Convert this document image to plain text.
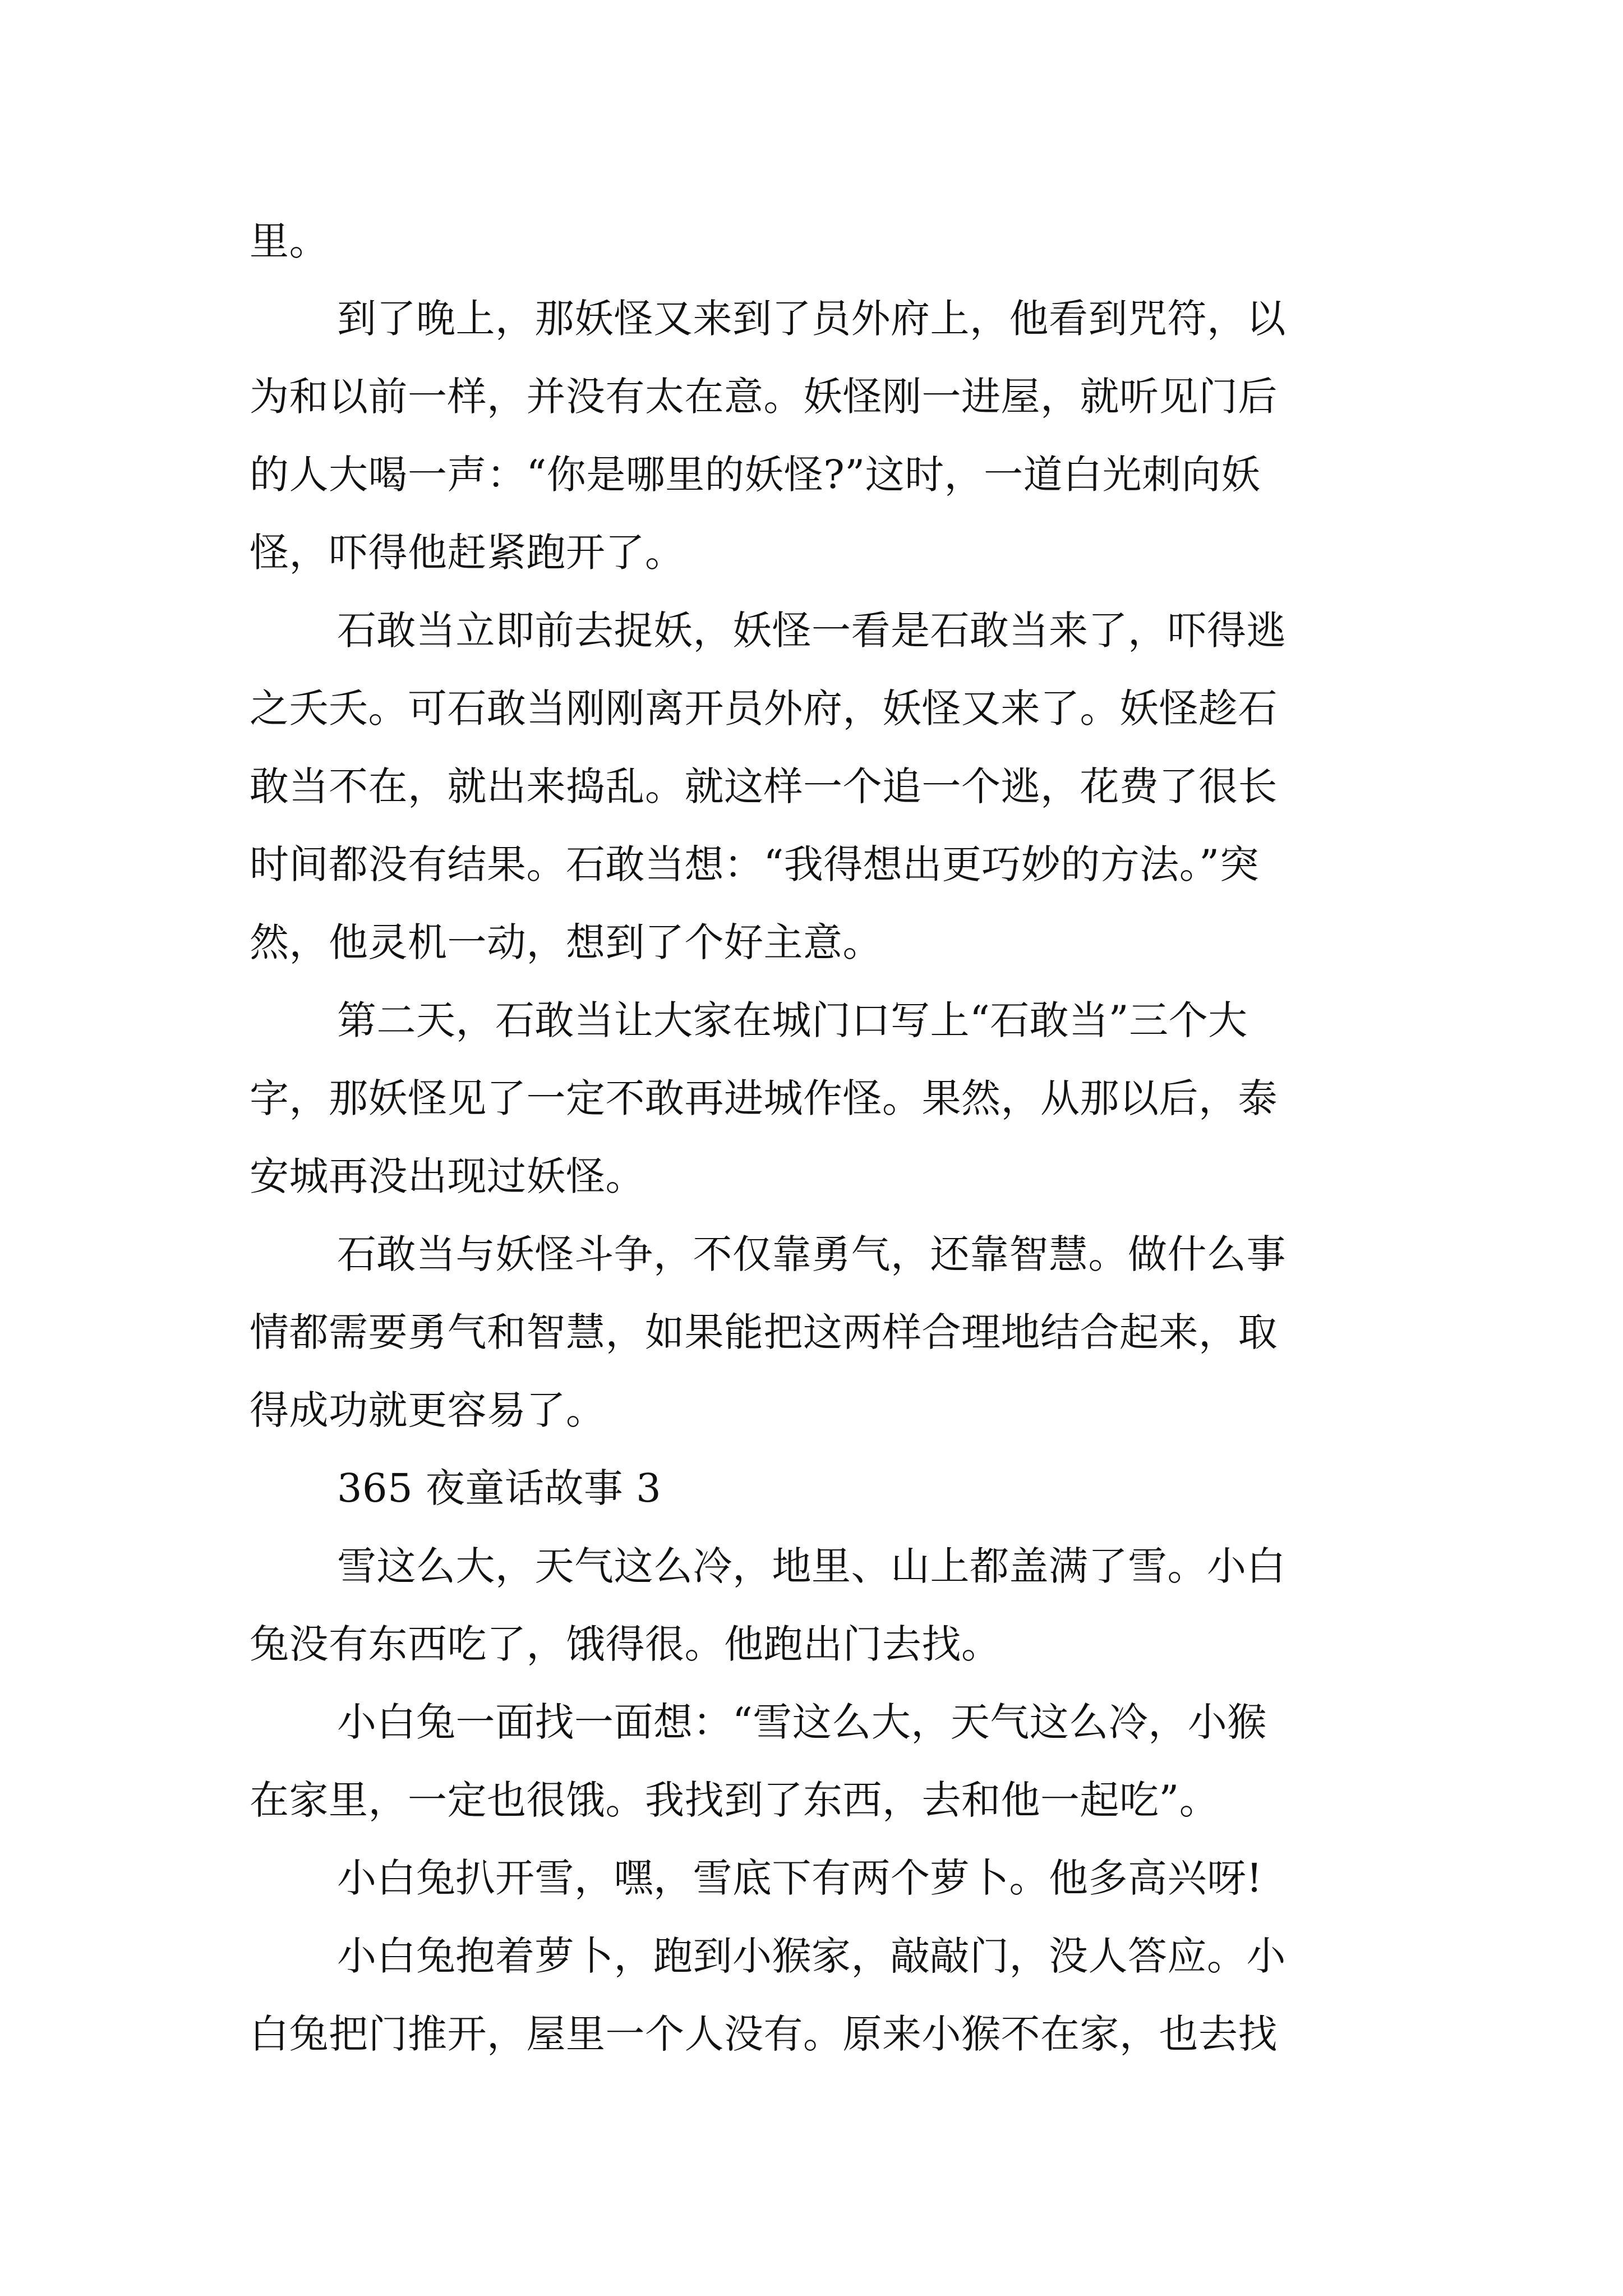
里。
到了晚上，那妖怪又来到了员外府上，他看到咒符，以
为和以前一样，并没有太在意。妖怪刚一进屋，就听见门后
的人大喝一声：“你是哪里的妖怪?”这时，一道白光刺向妖
怪，吓得他赶紧跑开了。
石敢当立即前去捉妖，妖怪一看是石敢当来了，吓得逃
之夭夭。可石敢当刚刚离开员外府，妖怪又来了。妖怪趁石
敢当不在，就出来捣乱。就这样一个追一个逃，花费了很长
时间都没有结果。石敢当想：“我得想出更巧妙的方法。”突
然，他灵机一动，想到了个好主意。
第二天，石敢当让大家在城门口写上“石敢当”三个大
字，那妖怪见了一定不敢再进城作怪。果然，从那以后，泰
安城再没出现过妖怪。
石敢当与妖怪斗争，不仅靠勇气，还靠智慧。做什么事
情都需要勇气和智慧，如果能把这两样合理地结合起来，取
得成功就更容易了。
365 夜童话故事 3
雪这么大，天气这么冷，地里、山上都盖满了雪。小白
兔没有东西吃了，饿得很。他跑出门去找。
小白兔一面找一面想：“雪这么大，天气这么冷，小猴
在家里，一定也很饿。我找到了东西，去和他一起吃”。
小白兔扒开雪，嘿，雪底下有两个萝卜。他多高兴呀!
小白兔抱着萝卜，跑到小猴家，敲敲门，没人答应。小
白兔把门推开，屋里一个人没有。原来小猴不在家，也去找
